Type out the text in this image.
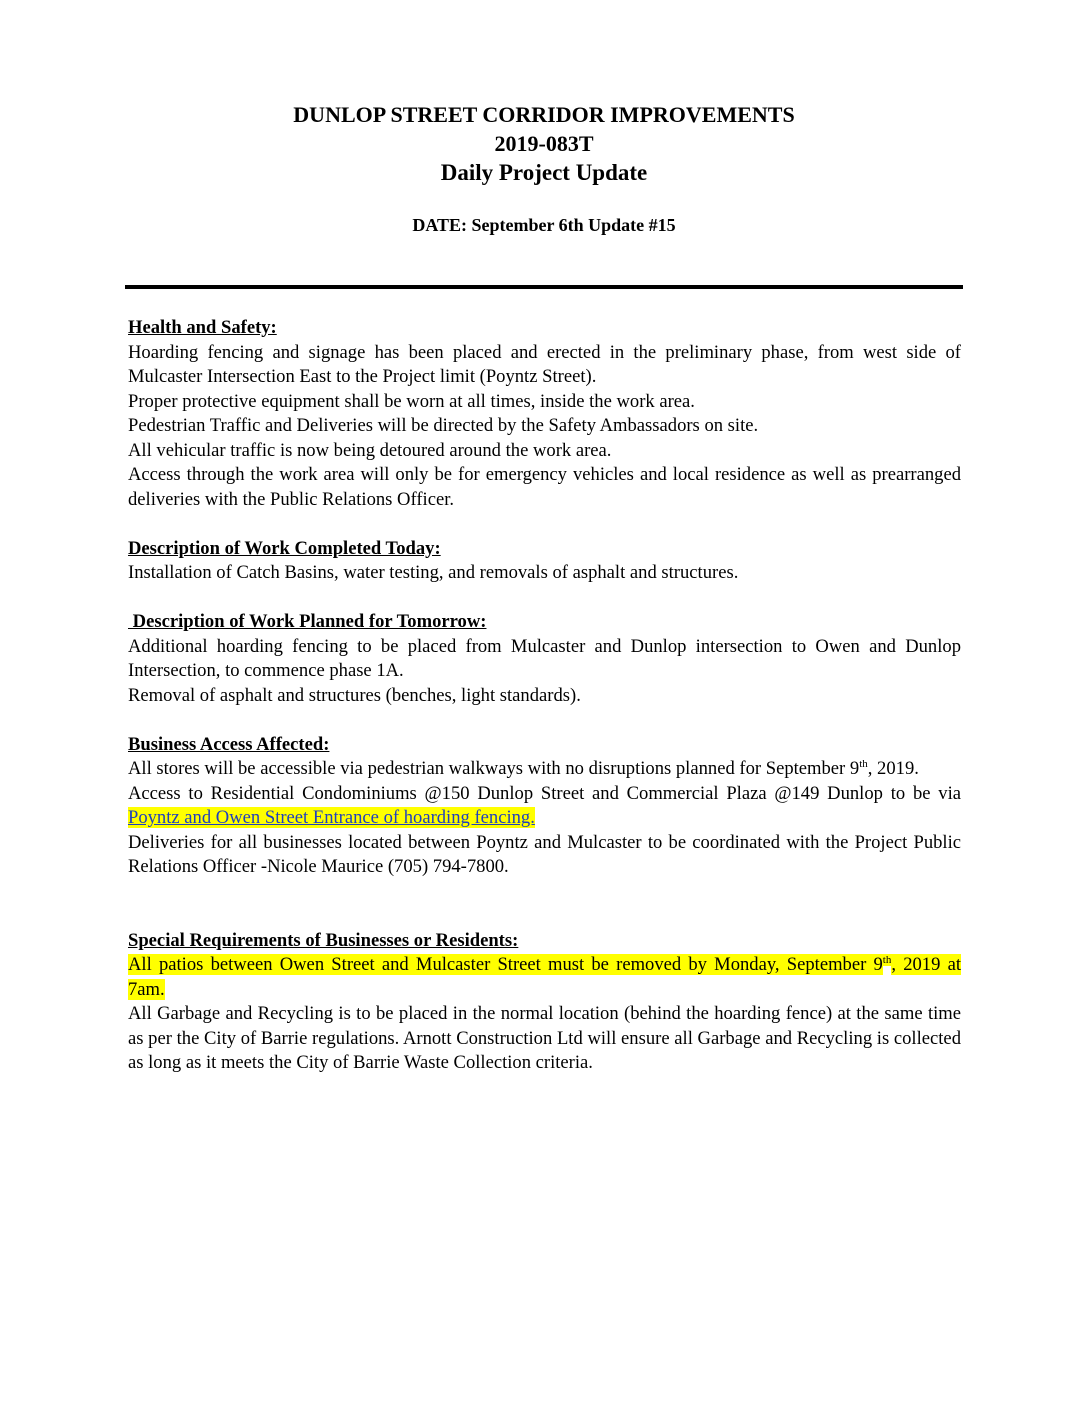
DUNLOP STREET CORRIDOR IMPROVEMENTS
2019-083T
Daily Project Update
DATE: September 6th Update #15
Health and Safety:

Hoarding fencing and signage has been placed and erected in the preliminary phase, from west side of Mulcaster Intersection East to the Project limit (Poyntz Street).

Proper protective equipment shall be worn at all times, inside the work area.

Pedestrian Traffic and Deliveries will be directed by the Safety Ambassadors on site.

All vehicular traffic is now being detoured around the work area.

Access through the work area will only be for emergency vehicles and local residence as well as prearranged deliveries with the Public Relations Officer.

Description of Work Completed Today:

Installation of Catch Basins, water testing, and removals of asphalt and structures.

Description of Work Planned for Tomorrow:

Additional hoarding fencing to be placed from Mulcaster and Dunlop intersection to Owen and Dunlop Intersection, to commence phase 1A.

Removal of asphalt and structures (benches, light standards).

Business Access Affected:

All stores will be accessible via pedestrian walkways with no disruptions planned for September 9th, 2019.

Access to Residential Condominiums @150 Dunlop Street and Commercial Plaza @149 Dunlop to be via Poyntz and Owen Street Entrance of hoarding fencing.

Deliveries for all businesses located between Poyntz and Mulcaster to be coordinated with the Project Public Relations Officer -Nicole Maurice (705) 794-7800.

Special Requirements of Businesses or Residents:

All patios between Owen Street and Mulcaster Street must be removed by Monday, September 9th, 2019 at 7am.

All Garbage and Recycling is to be placed in the normal location (behind the hoarding fence) at the same time as per the City of Barrie regulations. Arnott Construction Ltd will ensure all Garbage and Recycling is collected as long as it meets the City of Barrie Waste Collection criteria.
